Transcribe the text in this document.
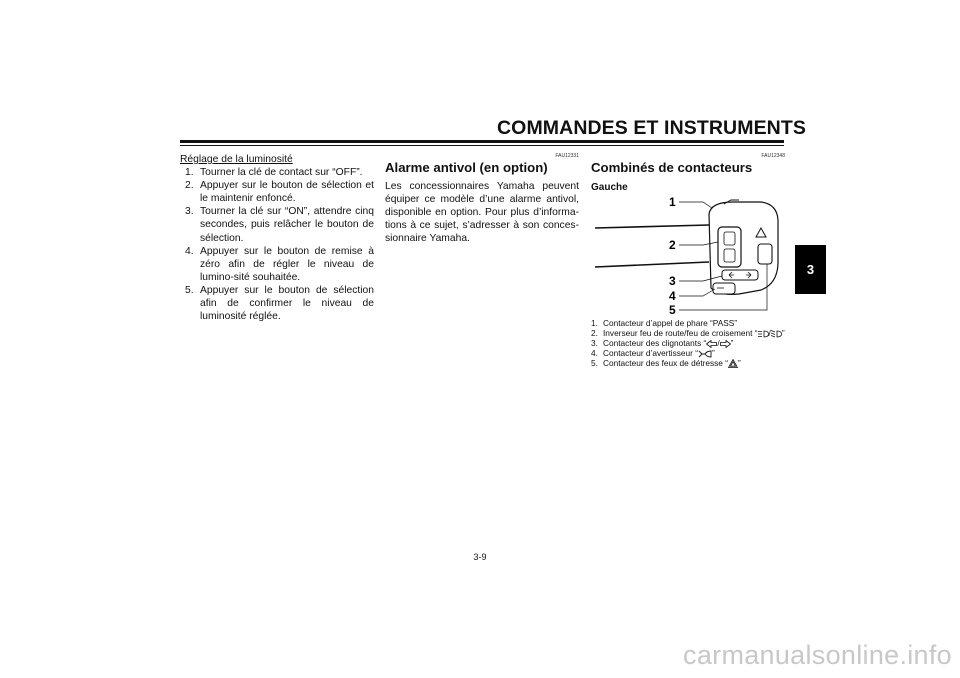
COMMANDES ET INSTRUMENTS
3
Réglage de la luminosité
1. Tourner la clé de contact sur “OFF”.
2. Appuyer sur le bouton de sélection et le maintenir enfoncé.
3. Tourner la clé sur “ON”, attendre cinq secondes, puis relâcher le bouton de sélection.
4. Appuyer sur le bouton de remise à zéro afin de régler le niveau de lumino-sité souhaitée.
5. Appuyer sur le bouton de sélection afin de confirmer le niveau de luminosité réglée.
FAU12331
Alarme antivol (en option)

Les concessionnaires Yamaha peuvent équiper ce modèle d’une alarme antivol, disponible en option. Pour plus d’informa-tions à ce sujet, s’adresser à son conces-sionnaire Yamaha.

FAU12348
Combinés de contacteurs
Gauche
1
2
3
4
5
1. Contacteur d’appel de phare “PASS”
2. Inverseur feu de route/feu de croisement “ / ”
3. Contacteur des clignotants “ / ”
4. Contacteur d’avertisseur “ ”
5. Contacteur des feux de détresse “ ”
3-9
carmanualsonline.info
